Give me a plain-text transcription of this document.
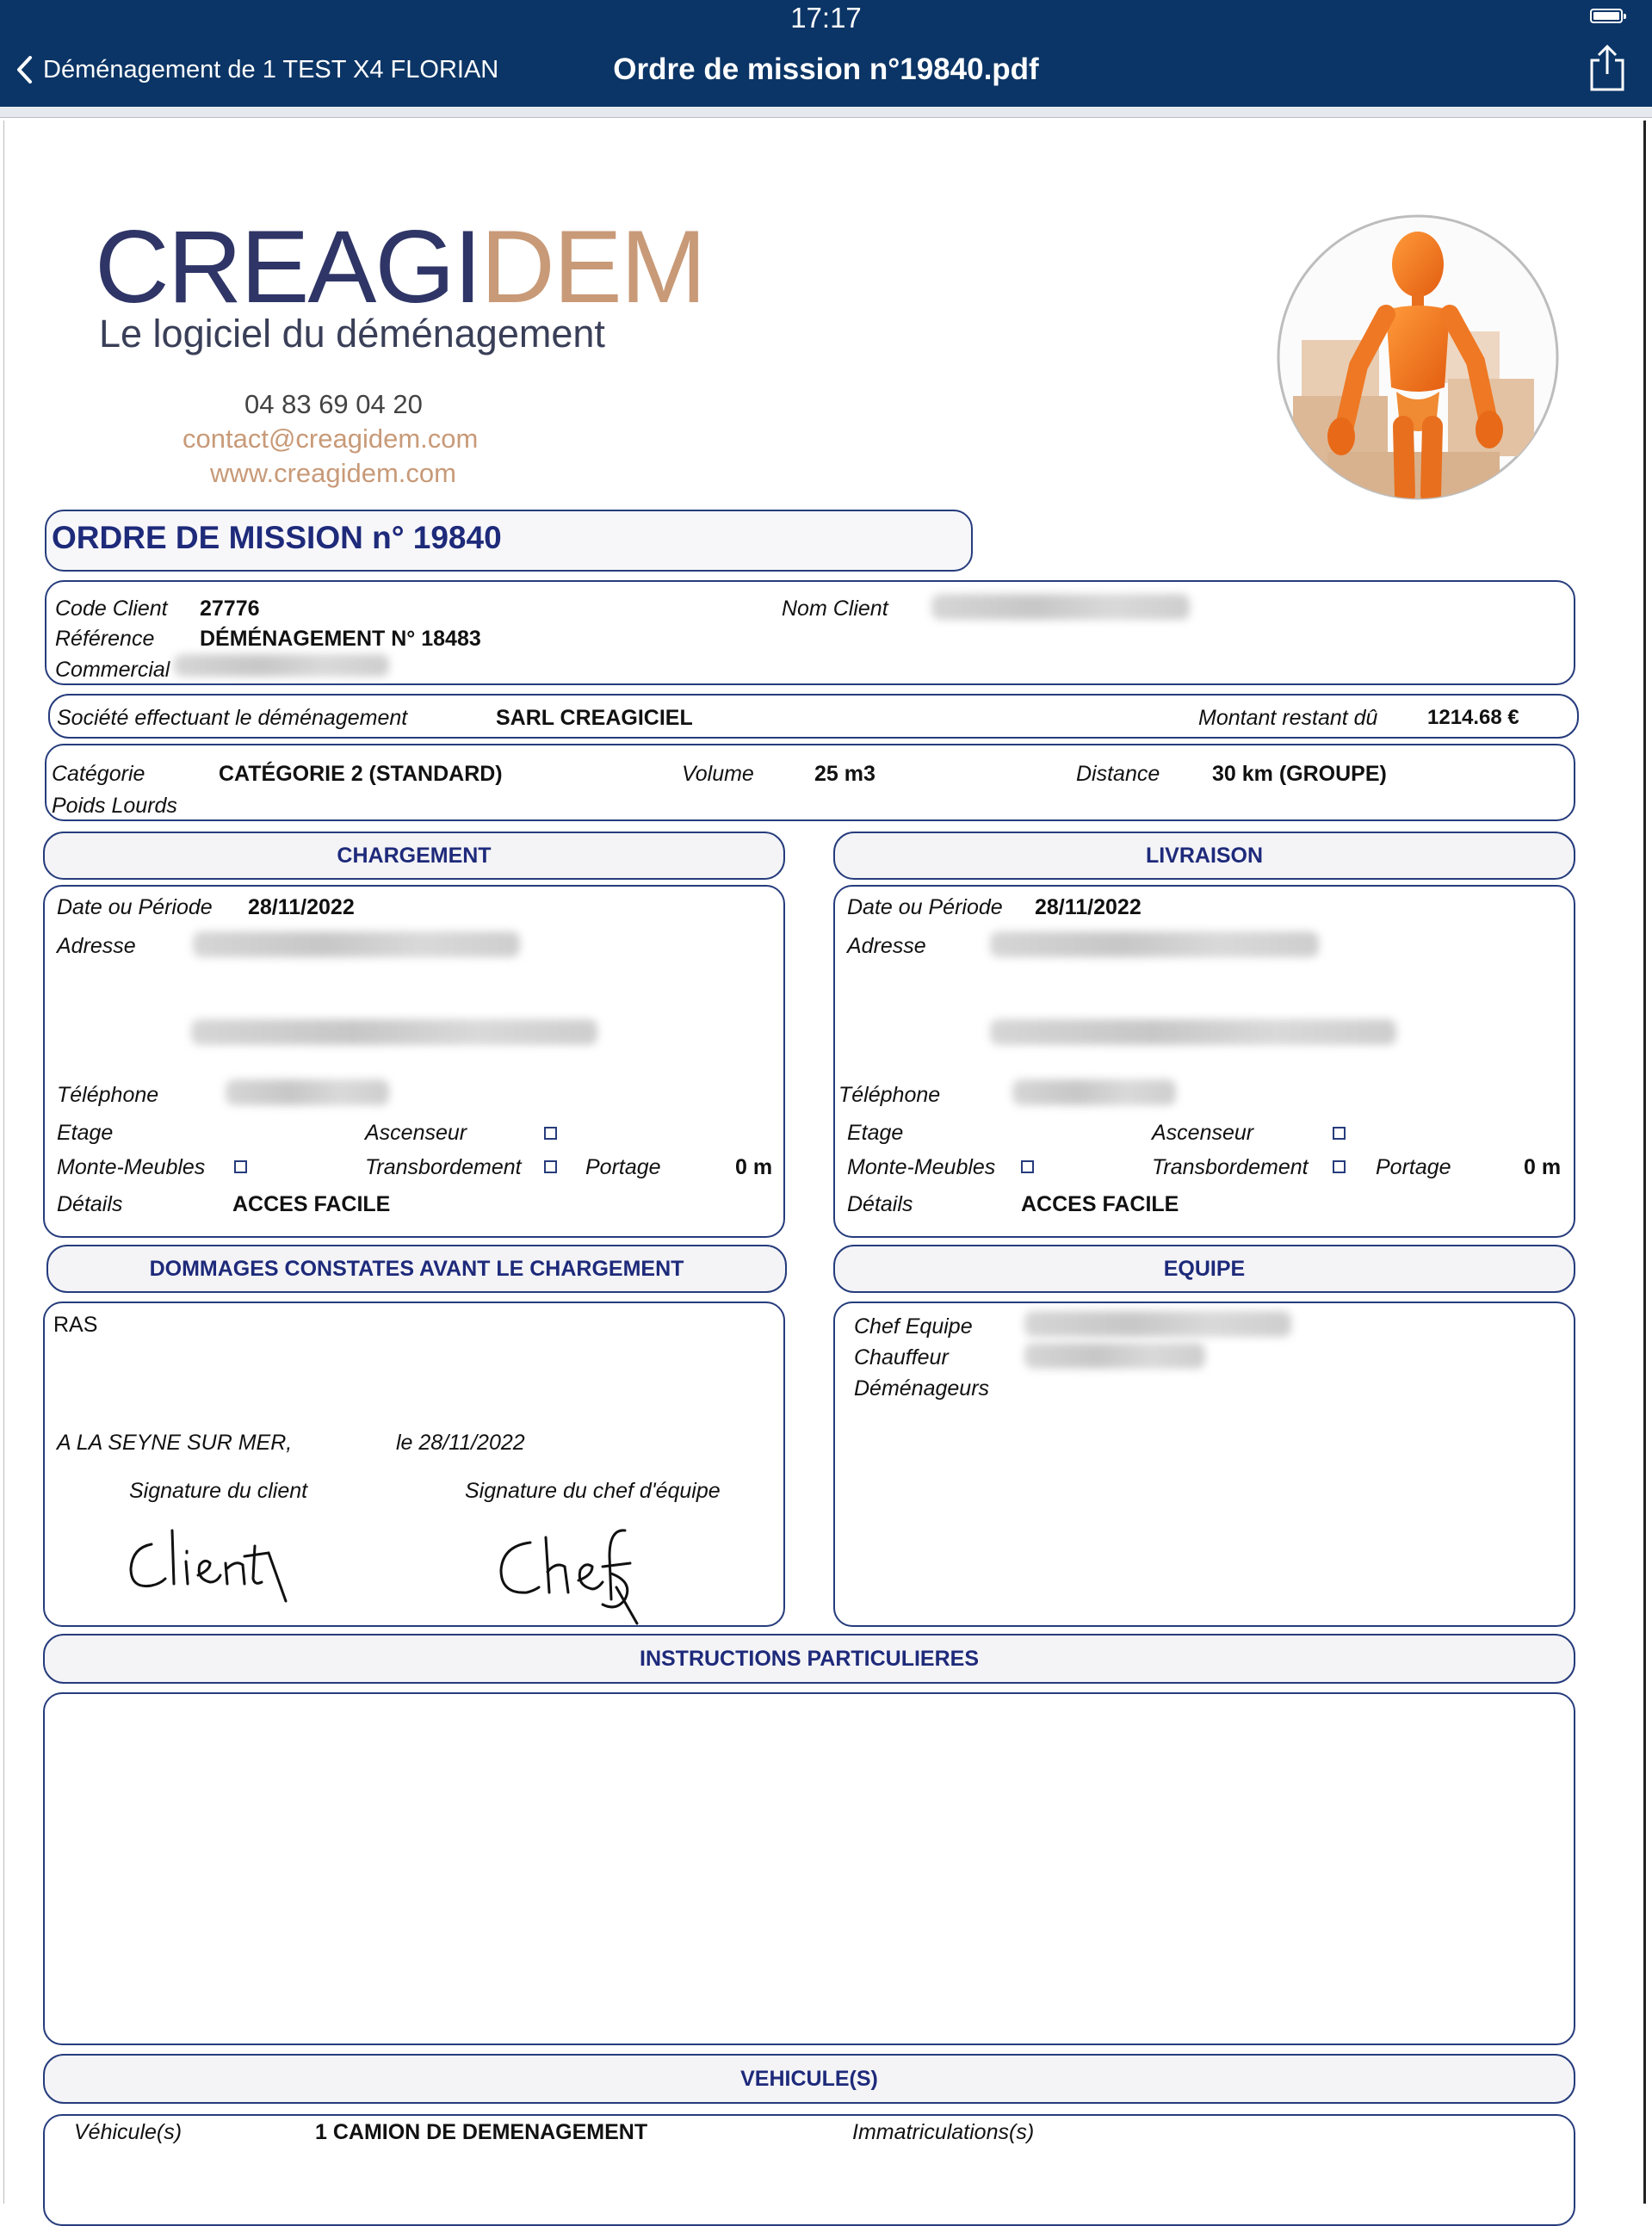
17:17
Déménagement de 1 TEST X4 FLORIAN	Ordre de mission n°19840.pdf
CREAGIDEM
Le logiciel du déménagement
04 83 69 04 20
contact@creagidem.com
www.creagidem.com
ORDRE DE MISSION n° 19840
Code Client 27776	Nom Client
Référence DÉMÉNAGEMENT N° 18483
Commercial
Société effectuant le déménagement	SARL CREAGICIEL	Montant restant dû 1214.68 €
Catégorie	CATÉGORIE 2 (STANDARD)	Volume	25 m3	Distance 30 km (GROUPE)
Poids Lourds
CHARGEMENT
Date ou Période 28/11/2022
Adresse
Téléphone
Etage	Ascenseur
Monte-Meubles	Transbordement	Portage	0 m
Détails	ACCES FACILE
LIVRAISON
Date ou Période 28/11/2022
Adresse
Téléphone
Etage	Ascenseur
Monte-Meubles	Transbordement	Portage	0 m
Détails	ACCES FACILE
DOMMAGES CONSTATES AVANT LE CHARGEMENT
RAS
A LA SEYNE SUR MER,	le 28/11/2022
Signature du client	Signature du chef d'équipe
EQUIPE
Chef Equipe
Chauffeur
Déménageurs
INSTRUCTIONS PARTICULIERES
VEHICULE(S)
Véhicule(s)	1 CAMION DE DEMENAGEMENT	Immatriculations(s)
